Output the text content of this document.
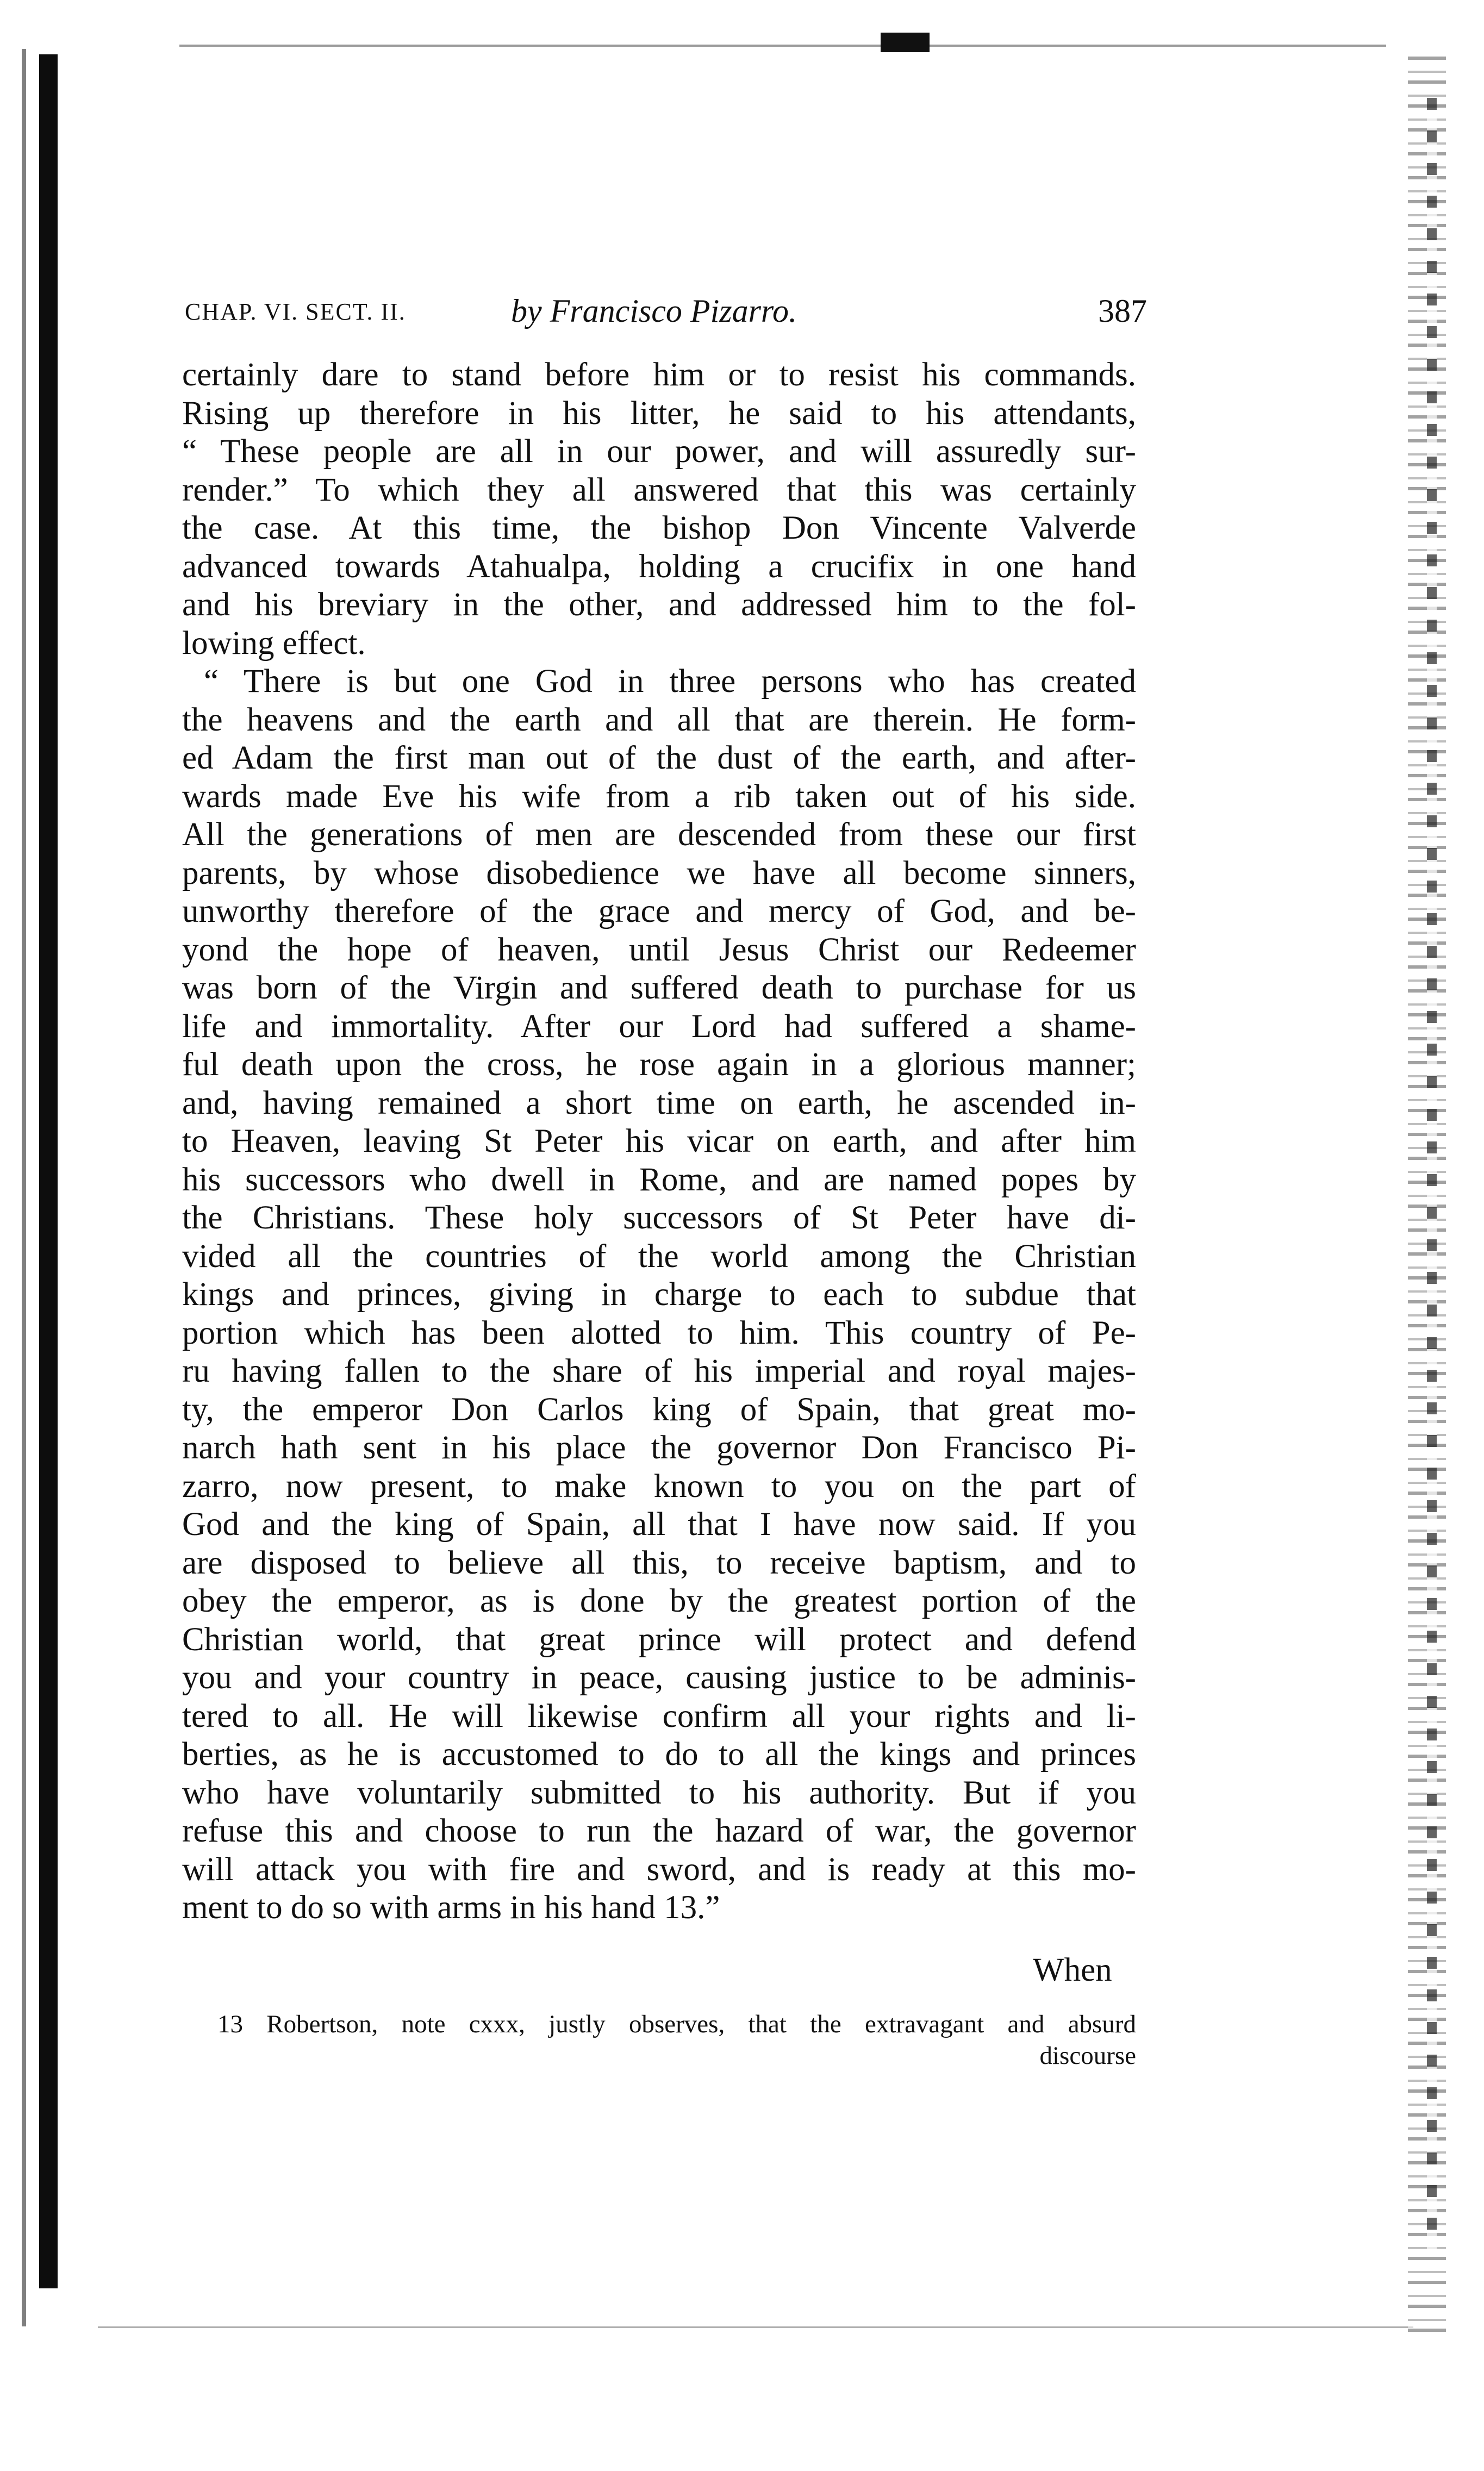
CHAP. VI. SECT. II.	by Francisco Pizarro.	387
certainly dare to stand before him or to resist his commands.
Rising up therefore in his litter, he said to his attendants,
“ These people are all in our power, and will assuredly sur-
render.” To which they all answered that this was certainly
the case. At this time, the bishop Don Vincente Valverde
advanced towards Atahualpa, holding a crucifix in one hand
and his breviary in the other, and addressed him to the fol-
lowing effect.
“ There is but one God in three persons who has created
the heavens and the earth and all that are therein. He form-
ed Adam the first man out of the dust of the earth, and after-
wards made Eve his wife from a rib taken out of his side.
All the generations of men are descended from these our first
parents, by whose disobedience we have all become sinners,
unworthy therefore of the grace and mercy of God, and be-
yond the hope of heaven, until Jesus Christ our Redeemer
was born of the Virgin and suffered death to purchase for us
life and immortality. After our Lord had suffered a shame-
ful death upon the cross, he rose again in a glorious manner;
and, having remained a short time on earth, he ascended in-
to Heaven, leaving St Peter his vicar on earth, and after him
his successors who dwell in Rome, and are named popes by
the Christians. These holy successors of St Peter have di-
vided all the countries of the world among the Christian
kings and princes, giving in charge to each to subdue that
portion which has been alotted to him. This country of Pe-
ru having fallen to the share of his imperial and royal majes-
ty, the emperor Don Carlos king of Spain, that great mo-
narch hath sent in his place the governor Don Francisco Pi-
zarro, now present, to make known to you on the part of
God and the king of Spain, all that I have now said. If you
are disposed to believe all this, to receive baptism, and to
obey the emperor, as is done by the greatest portion of the
Christian world, that great prince will protect and defend
you and your country in peace, causing justice to be adminis-
tered to all. He will likewise confirm all your rights and li-
berties, as he is accustomed to do to all the kings and princes
who have voluntarily submitted to his authority. But if you
refuse this and choose to run the hazard of war, the governor
will attack you with fire and sword, and is ready at this mo-
ment to do so with arms in his hand 13.”
When
13 Robertson, note cxxx, justly observes, that the extravagant and absurd
discourse
